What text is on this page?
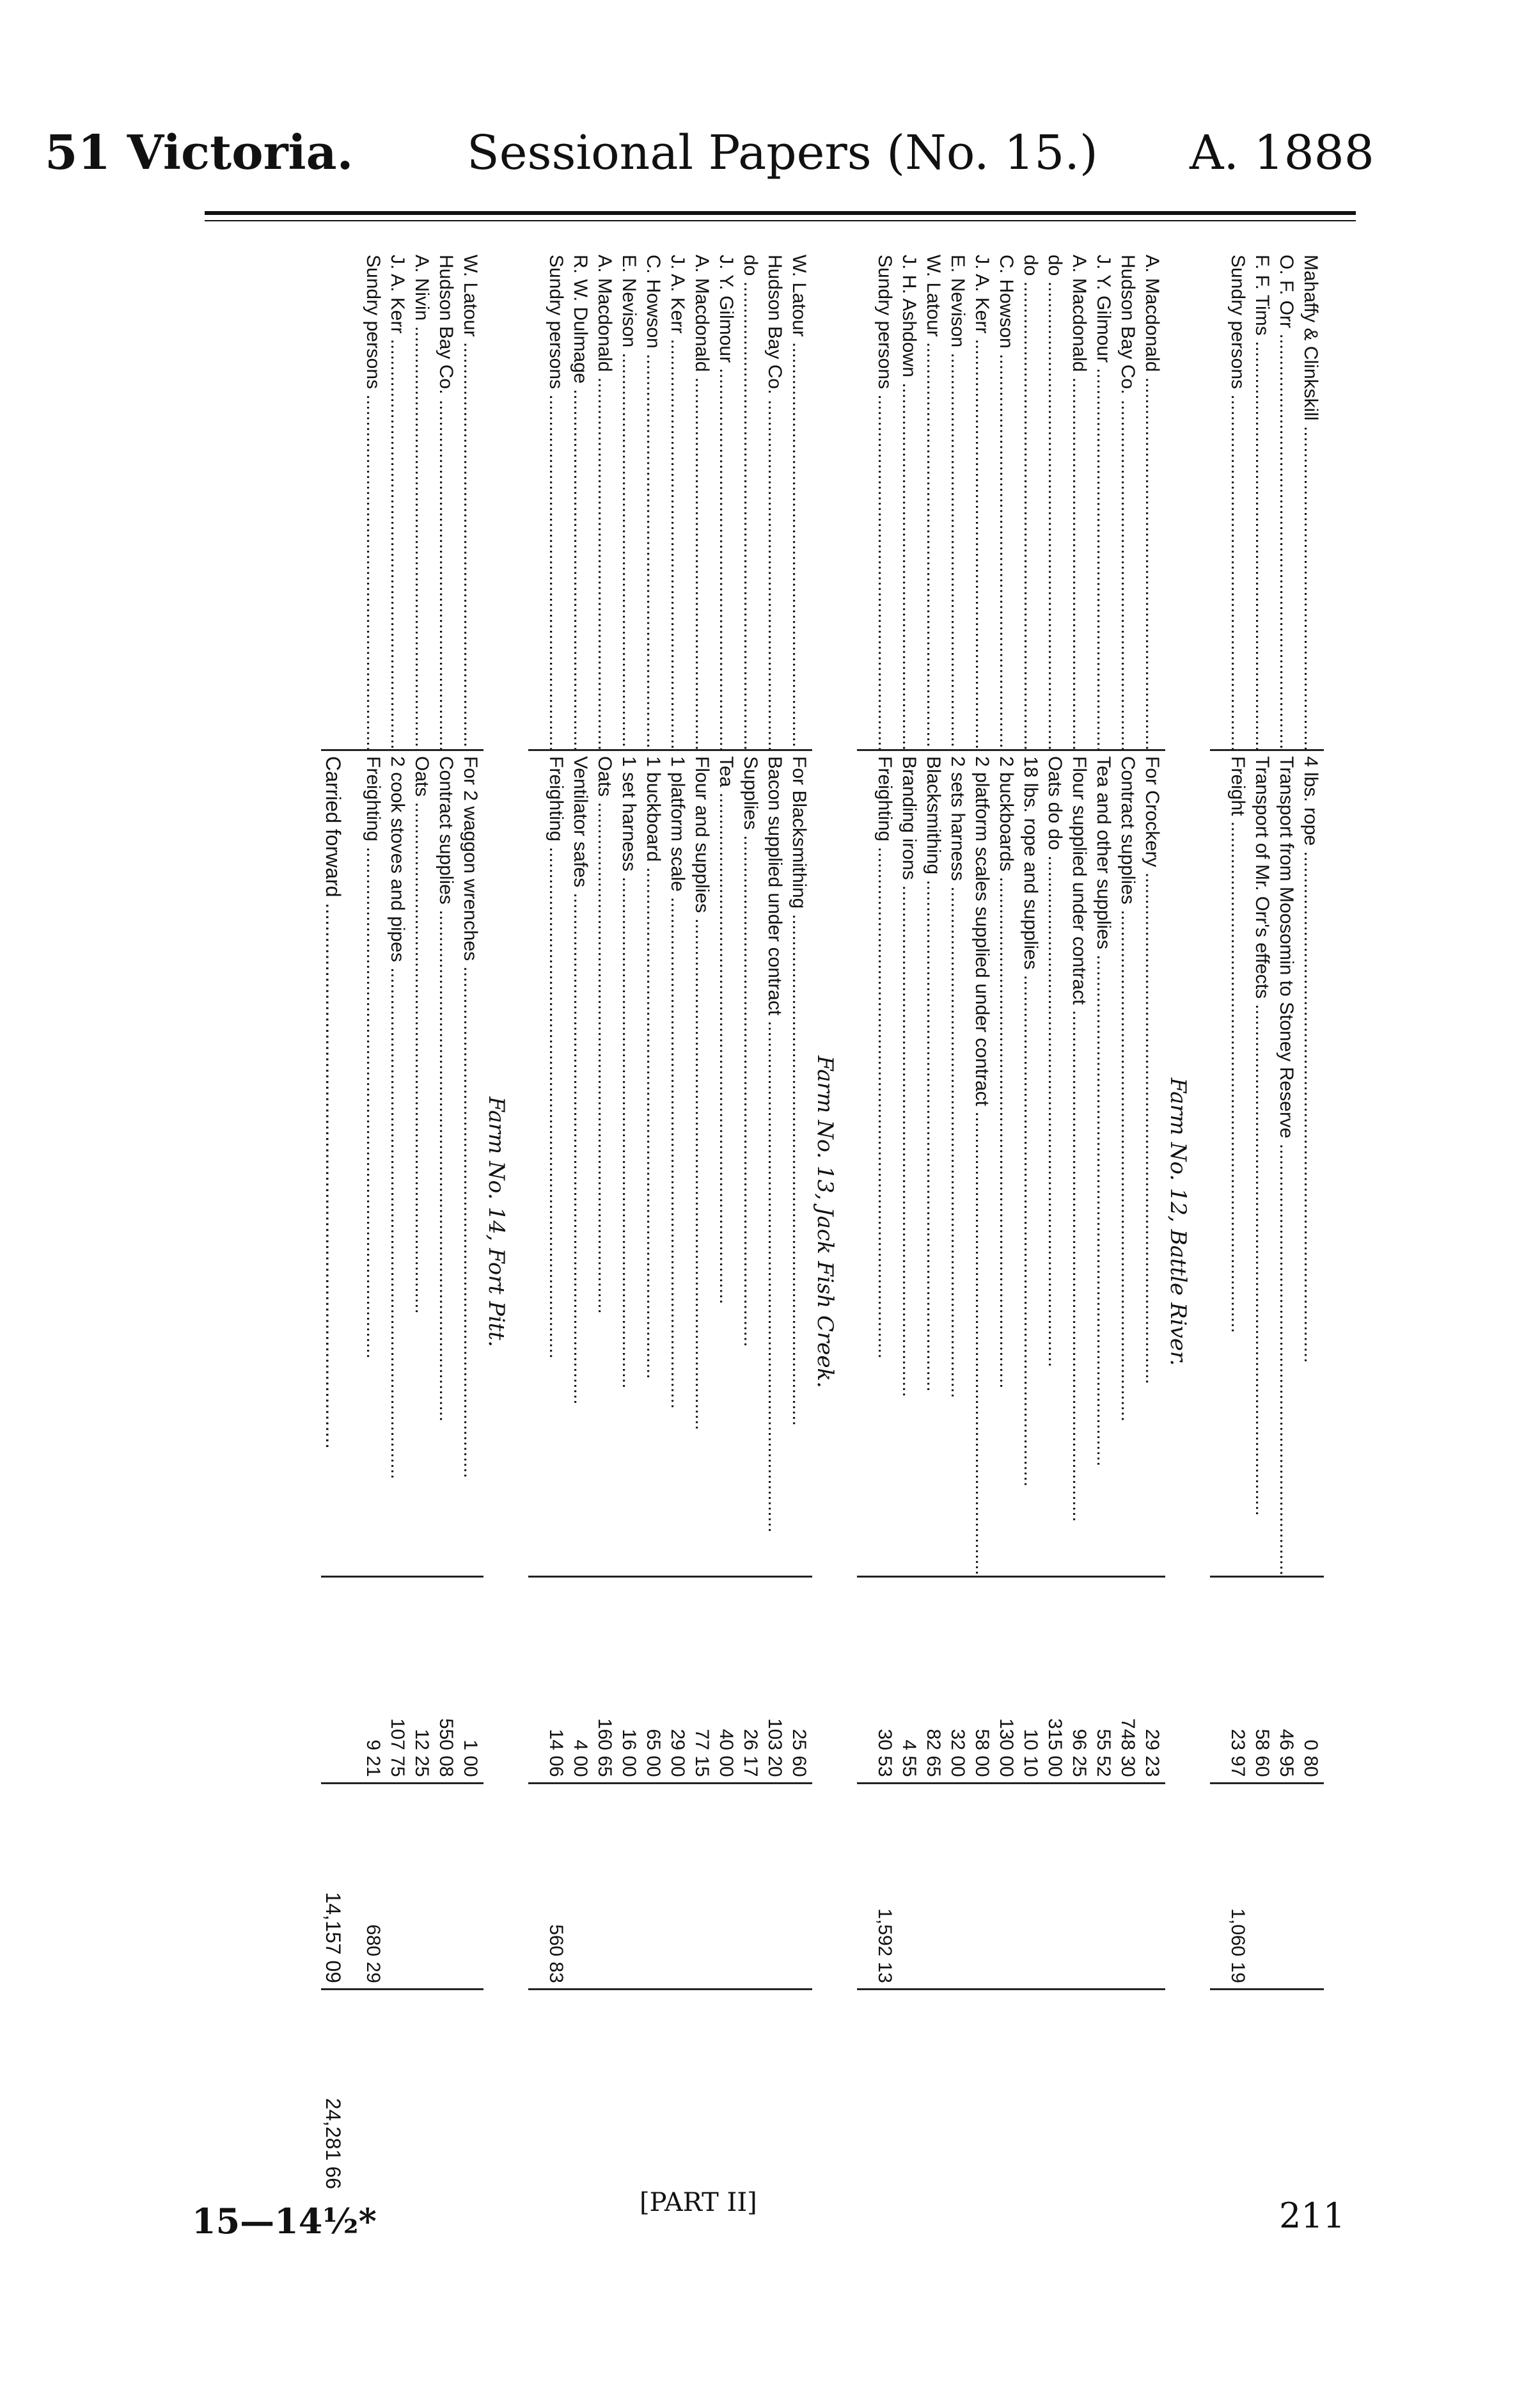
51 Victoria. Sessional Papers (No. 15.) A. 1888
Mahaffy & Clinkskill .....	4 lbs. rope .....	0 80		
O. F. Orr .....	Transport from Moosomin to Stoney Reserve .....	46 95		
F. F. Tims .....	Transport of Mr. Orr's effects .....	58 60		
Sundry persons .....	Freight .....	23 97	1,060 19	

Farm No. 12, Battle River.				
A. Macdonald .....	For Crockery .....	29 23		
Hudson Bay Co. .....	Contract supplies .....	748 30		
J. Y. Gilmour .....	Tea and other supplies .....	55 52		
A. Macdonald .....	Flour supplied under contract .....	96 25		
do .....	Oats do do .....	315 00		
do .....	18 lbs. rope and supplies .....	10 10		
C. Howson .....	2 buckboards .....	130 00		
J. A. Kerr .....	2 platform scales supplied under contract .....	58 00		
E. Nevison .....	2 sets harness .....	32 00		
W. Latour .....	Blacksmithing .....	82 65		
J. H. Ashdown .....	Branding irons .....	4 55		
Sundry persons .....	Freighting .....	30 53	1,592 13	

Farm No. 13, Jack Fish Creek.				
W. Latour .....	For Blacksmithing .....	25 60		
Hudson Bay Co. .....	Bacon supplied under contract .....	103 20		
do .....	Supplies .....	26 17		
J. Y. Gilmour .....	Tea .....	40 00		
A. Macdonald .....	Flour and supplies .....	77 15		
J. A. Kerr .....	1 platform scale .....	29 00		
C. Howson .....	1 buckboard .....	65 00		
E. Nevison .....	1 set harness .....	16 00		
A. Macdonald .....	Oats .....	160 65		
R. W. Dulmage .....	Ventilator safes .....	4 00		
Sundry persons .....	Freighting .....	14 06	560 83	

Farm No. 14, Fort Pitt.				
W. Latour .....	For 2 waggon wrenches .....	1 00		
Hudson Bay Co. .....	Contract supplies .....	550 08		
A. Nivin .....	Oats .....	12 25		
J. A. Kerr .....	2 cook stoves and pipes .....	107 75		
Sundry persons .....	Freighting .....	9 21	680 29	

	Carried forward .....		14,157 09	24,281 66
15—14½*	[PART II]	211
